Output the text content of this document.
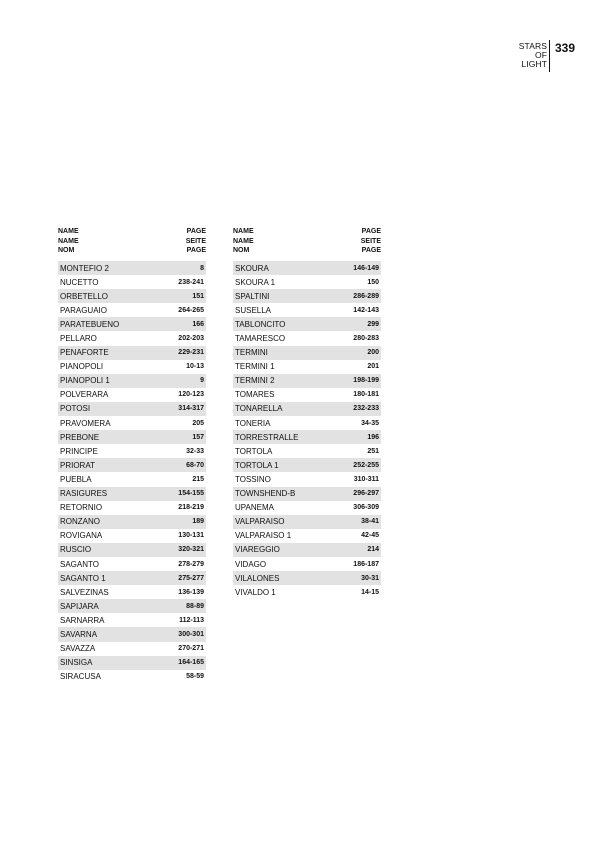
STARS
OF
LIGHT
339
NAME
NAME
NOM
PAGE
SEITE
PAGE
MONTEFIO 2	8
NUCETTO	238-241
ORBETELLO	151
PARAGUAIO	264-265
PARATEBUENO	166
PELLARO	202-203
PENAFORTE	229-231
PIANOPOLI	10-13
PIANOPOLI 1	9
POLVERARA	120-123
POTOSI	314-317
PRAVOMERA	205
PREBONE	157
PRINCIPE	32-33
PRIORAT	68-70
PUEBLA	215
RASIGURES	154-155
RETORNIO	218-219
RONZANO	189
ROVIGANA	130-131
RUSCIO	320-321
SAGANTO	278-279
SAGANTO 1	275-277
SALVEZINAS	136-139
SAPIJARA	88-89
SARNARRA	112-113
SAVARNA	300-301
SAVAZZA	270-271
SINSIGA	164-165
SIRACUSA	58-59
NAME
NAME
NOM
PAGE
SEITE
PAGE
SKOURA	146-149
SKOURA 1	150
SPALTINI	286-289
SUSELLA	142-143
TABLONCITO	299
TAMARESCO	280-283
TERMINI	200
TERMINI 1	201
TERMINI 2	198-199
TOMARES	180-181
TONARELLA	232-233
TONERIA	34-35
TORRESTRALLE	196
TORTOLA	251
TORTOLA 1	252-255
TOSSINO	310-311
TOWNSHEND-B	296-297
UPANEMA	306-309
VALPARAISO	38-41
VALPARAISO 1	42-45
VIAREGGIO	214
VIDAGO	186-187
VILALONES	30-31
VIVALDO 1	14-15
